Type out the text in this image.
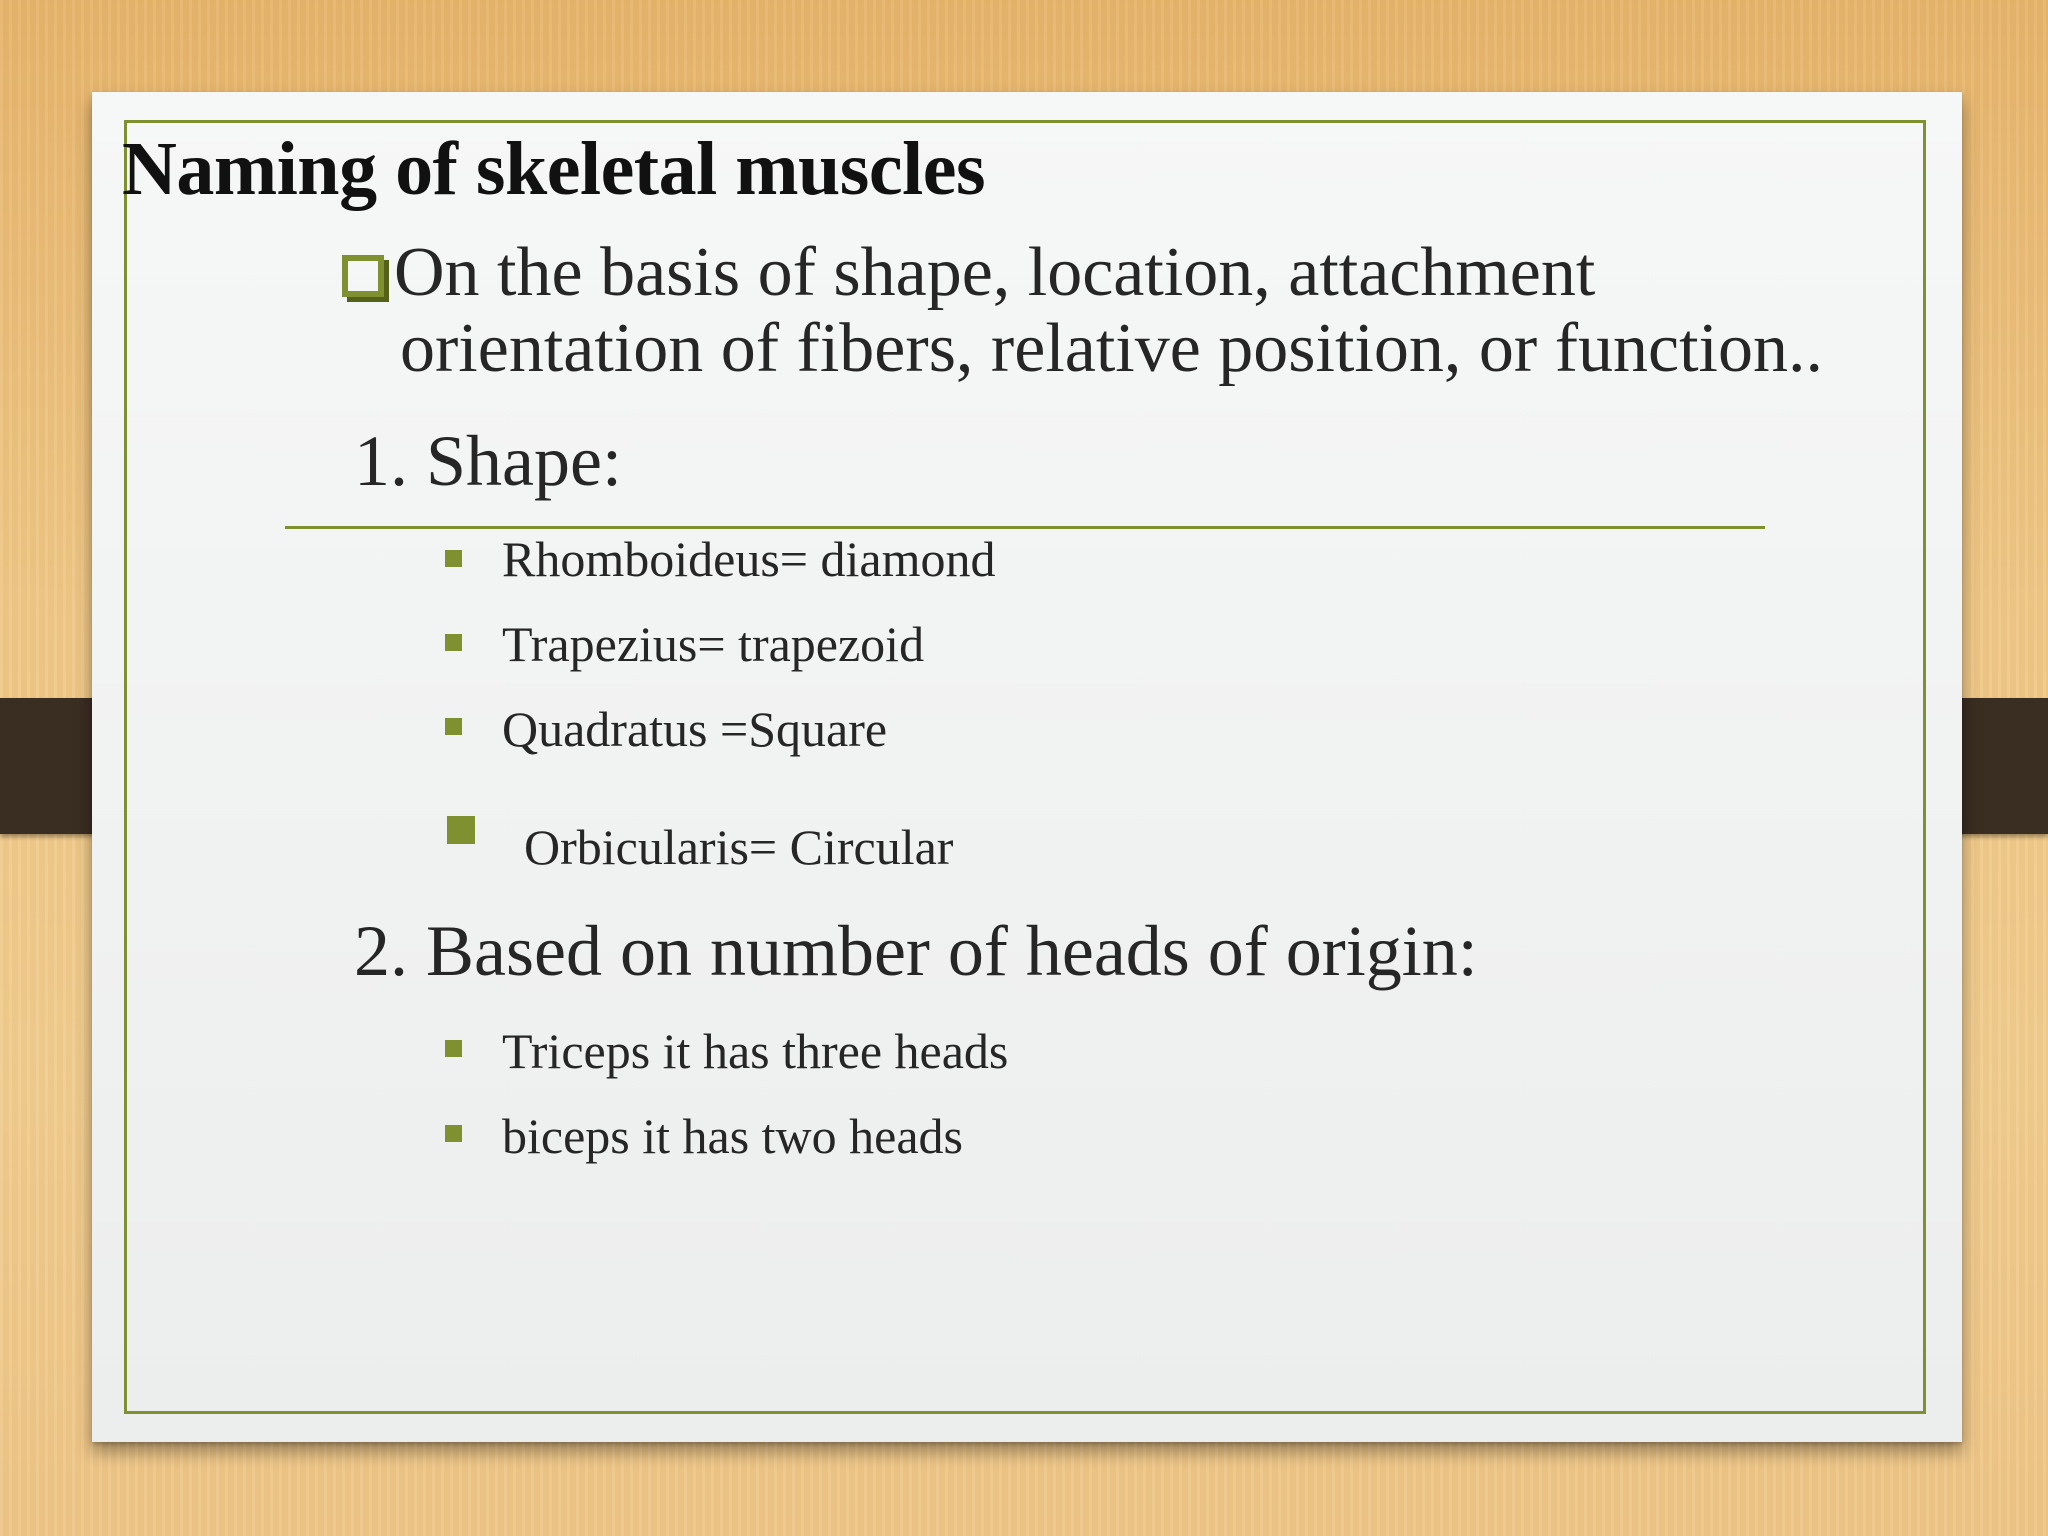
Naming of skeletal muscles
On the basis of shape, location, attachment
orientation of fibers, relative position, or function..
1. Shape:
Rhomboideus= diamond
Trapezius= trapezoid
Quadratus =Square
Orbicularis= Circular
2. Based on number of heads of origin:
Triceps it has three heads
biceps it has two heads
